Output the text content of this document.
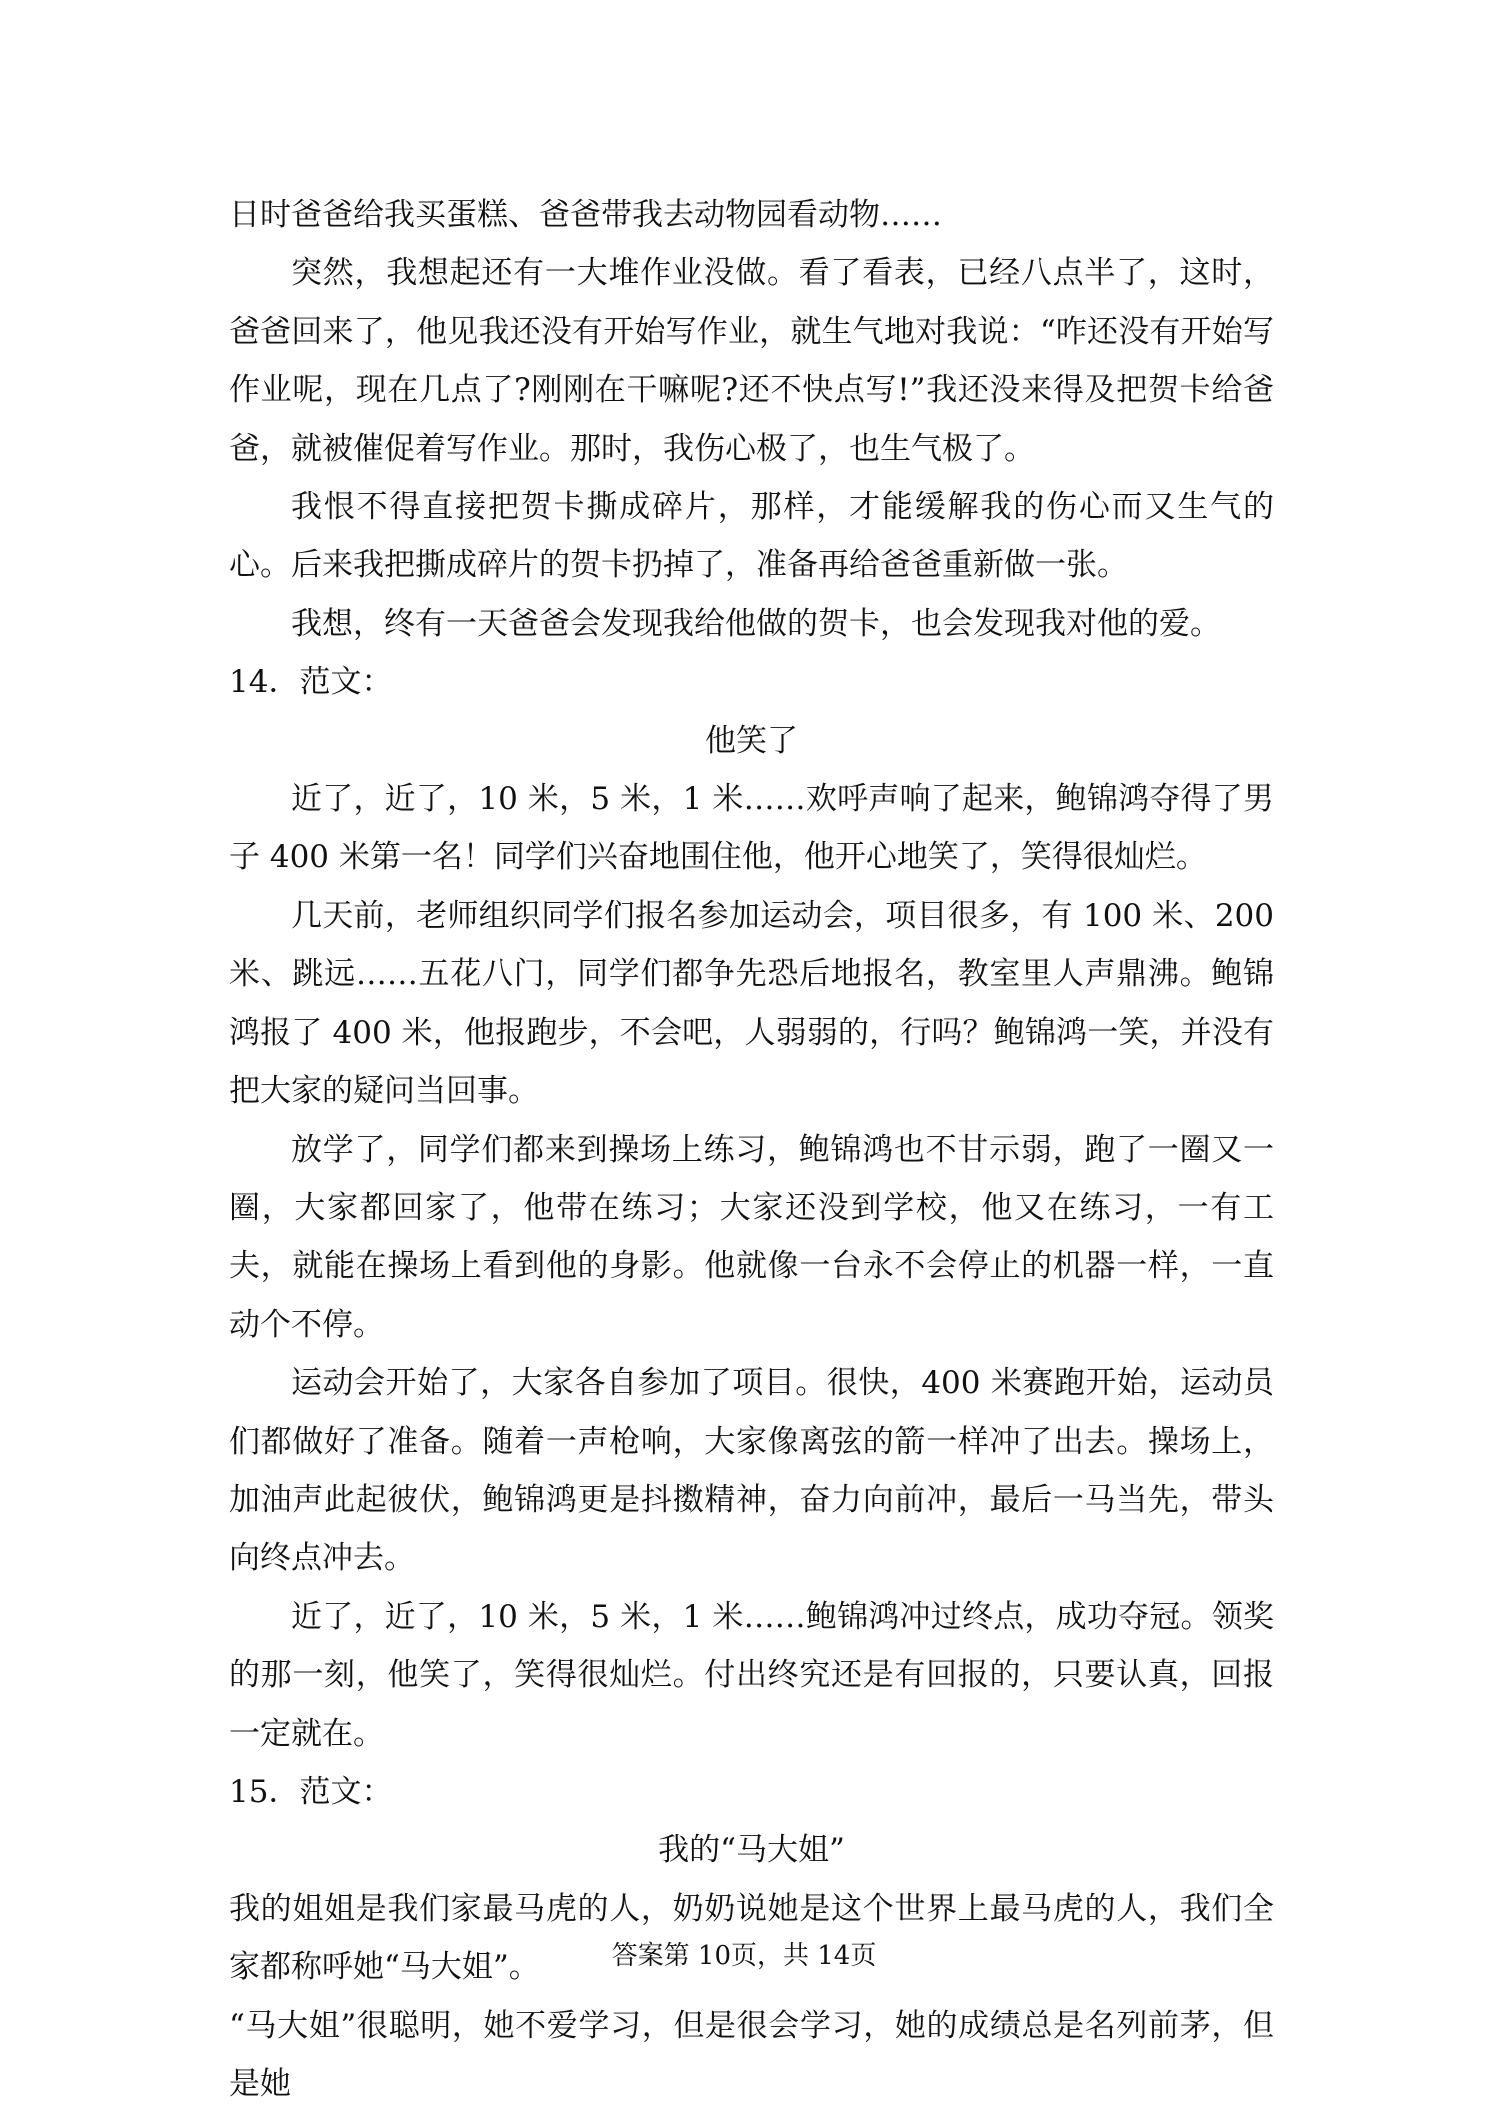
日时爸爸给我买蛋糕、爸爸带我去动物园看动物……

突然，我想起还有一大堆作业没做。看了看表，已经八点半了，这时，爸爸回来了，他见我还没有开始写作业，就生气地对我说：“咋还没有开始写作业呢，现在几点了?刚刚在干嘛呢?还不快点写!”我还没来得及把贺卡给爸爸，就被催促着写作业。那时，我伤心极了，也生气极了。

我恨不得直接把贺卡撕成碎片，那样，才能缓解我的伤心而又生气的心。后来我把撕成碎片的贺卡扔掉了，准备再给爸爸重新做一张。

我想，终有一天爸爸会发现我给他做的贺卡，也会发现我对他的爱。

14．范文：

他笑了

近了，近了，10 米，5 米，1 米……欢呼声响了起来，鲍锦鸿夺得了男子 400 米第一名！同学们兴奋地围住他，他开心地笑了，笑得很灿烂。

几天前，老师组织同学们报名参加运动会，项目很多，有 100 米、200 米、跳远……五花八门，同学们都争先恐后地报名，教室里人声鼎沸。鲍锦鸿报了 400 米，他报跑步，不会吧，人弱弱的，行吗？鲍锦鸿一笑，并没有把大家的疑问当回事。

放学了，同学们都来到操场上练习，鲍锦鸿也不甘示弱，跑了一圈又一圈，大家都回家了，他带在练习；大家还没到学校，他又在练习，一有工夫，就能在操场上看到他的身影。他就像一台永不会停止的机器一样，一直动个不停。

运动会开始了，大家各自参加了项目。很快，400 米赛跑开始，运动员们都做好了准备。随着一声枪响，大家像离弦的箭一样冲了出去。操场上，加油声此起彼伏，鲍锦鸿更是抖擞精神，奋力向前冲，最后一马当先，带头向终点冲去。

近了，近了，10 米，5 米，1 米……鲍锦鸿冲过终点，成功夺冠。领奖的那一刻，他笑了，笑得很灿烂。付出终究还是有回报的，只要认真，回报一定就在。

15．范文：

我的“马大姐”

我的姐姐是我们家最马虎的人，奶奶说她是这个世界上最马虎的人，我们全家都称呼她“马大姐”。

“马大姐”很聪明，她不爱学习，但是很会学习，她的成绩总是名列前茅，但是她

答案第 10页，共 14页
